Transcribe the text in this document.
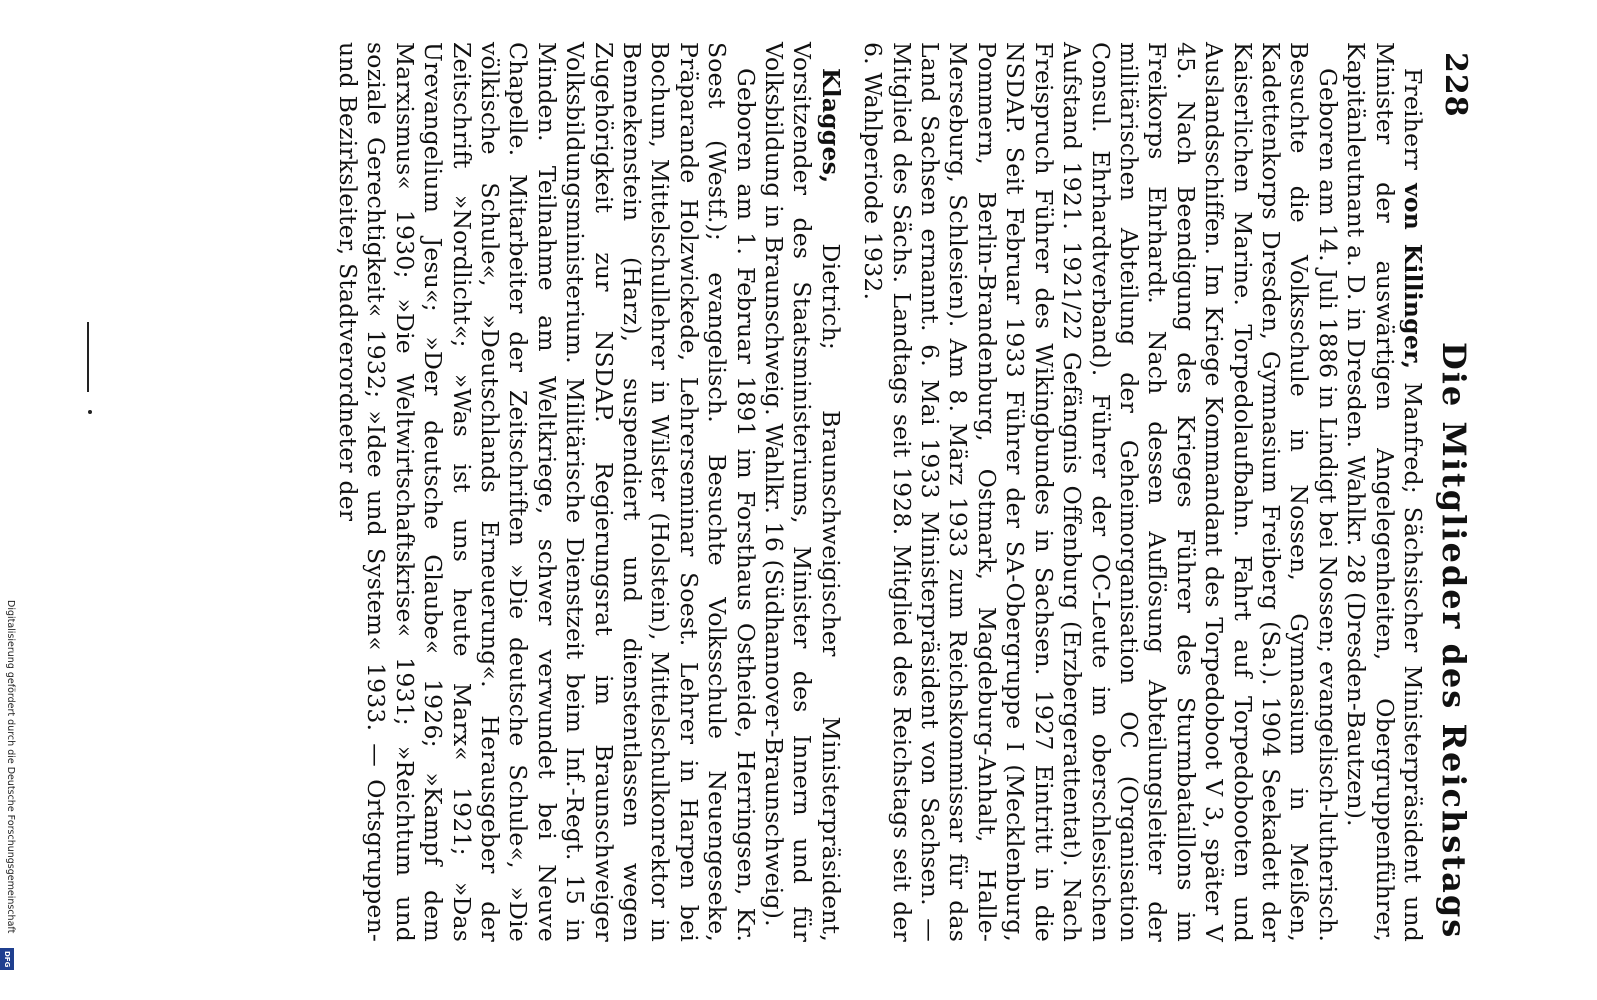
228
Die Mitglieder des Reichstags

Freiherr von Killinger, Manfred; Sächsischer Ministerpräsident und Minister der auswärtigen Angelegenheiten, Obergruppenführer, Kapitänleutnant a. D. in Dresden. Wahlkr. 28 (Dresden-Bautzen).

Geboren am 14. Juli 1886 in Lindigt bei Nossen; evangelisch-lutherisch. Besuchte die Volksschule in Nossen, Gymnasium in Meißen, Kadettenkorps Dresden, Gymnasium Freiberg (Sa.). 1904 Seekadett der Kaiserlichen Marine. Torpedolaufbahn. Fahrt auf Torpedobooten und Auslandsschiffen. Im Kriege Kommandant des Torpedoboot V 3, später V 45. Nach Beendigung des Krieges Führer des Sturmbataillons im Freikorps Ehrhardt. Nach dessen Auflösung Abteilungsleiter der militärischen Abteilung der Geheimorganisation OC (Organisation Consul. Ehrhardtverband). Führer der OC-Leute im oberschlesischen Aufstand 1921. 1921/22 Gefängnis Offenburg (Erzbergerattentat). Nach Freispruch Führer des Wikingbundes in Sachsen. 1927 Eintritt in die NSDAP. Seit Februar 1933 Führer der SA-Obergruppe I (Mecklenburg, Pommern, Berlin-Brandenburg, Ostmark, Magdeburg-Anhalt, Halle-Merseburg, Schlesien). Am 8. März 1933 zum Reichskommissar für das Land Sachsen ernannt. 6. Mai 1933 Ministerpräsident von Sachsen. — Mitglied des Sächs. Landtags seit 1928. Mitglied des Reichstags seit der 6. Wahlperiode 1932.

Klagges, Dietrich; Braunschweigischer Ministerpräsident, Vorsitzender des Staatsministeriums, Minister des Innern und für Volksbildung in Braunschweig. Wahlkr. 16 (Südhannover-Braunschweig).

Geboren am 1. Februar 1891 im Forsthaus Ostheide, Herringsen, Kr. Soest (Westf.); evangelisch. Besuchte Volksschule Neuengeseke, Präparande Holzwickede, Lehrerseminar Soest. Lehrer in Harpen bei Bochum, Mittelschullehrer in Wilster (Holstein), Mittelschulkonrektor in Bennekenstein (Harz), suspendiert und dienstentlassen wegen Zugehörigkeit zur NSDAP. Regierungsrat im Braunschweiger Volksbildungsministerium. Militärische Dienstzeit beim Inf.-Regt. 15 in Minden. Teilnahme am Weltkriege, schwer verwundet bei Neuve Chapelle. Mitarbeiter der Zeitschriften »Die deutsche Schule«, »Die völkische Schule«, »Deutschlands Erneuerung«. Herausgeber der Zeitschrift »Nordlicht«; »Was ist uns heute Marx« 1921; »Das Urevangelium Jesu«; »Der deutsche Glaube« 1926; »Kampf dem Marxismus« 1930; »Die Weltwirtschaftskrise« 1931; »Reichtum und soziale Gerechtigkeit« 1932; »Idee und System« 1933. — Ortsgruppen- und Bezirksleiter, Stadtverordneter der

Digitalisierung gefördert durch die Deutsche Forschungsgemeinschaft
DFG
